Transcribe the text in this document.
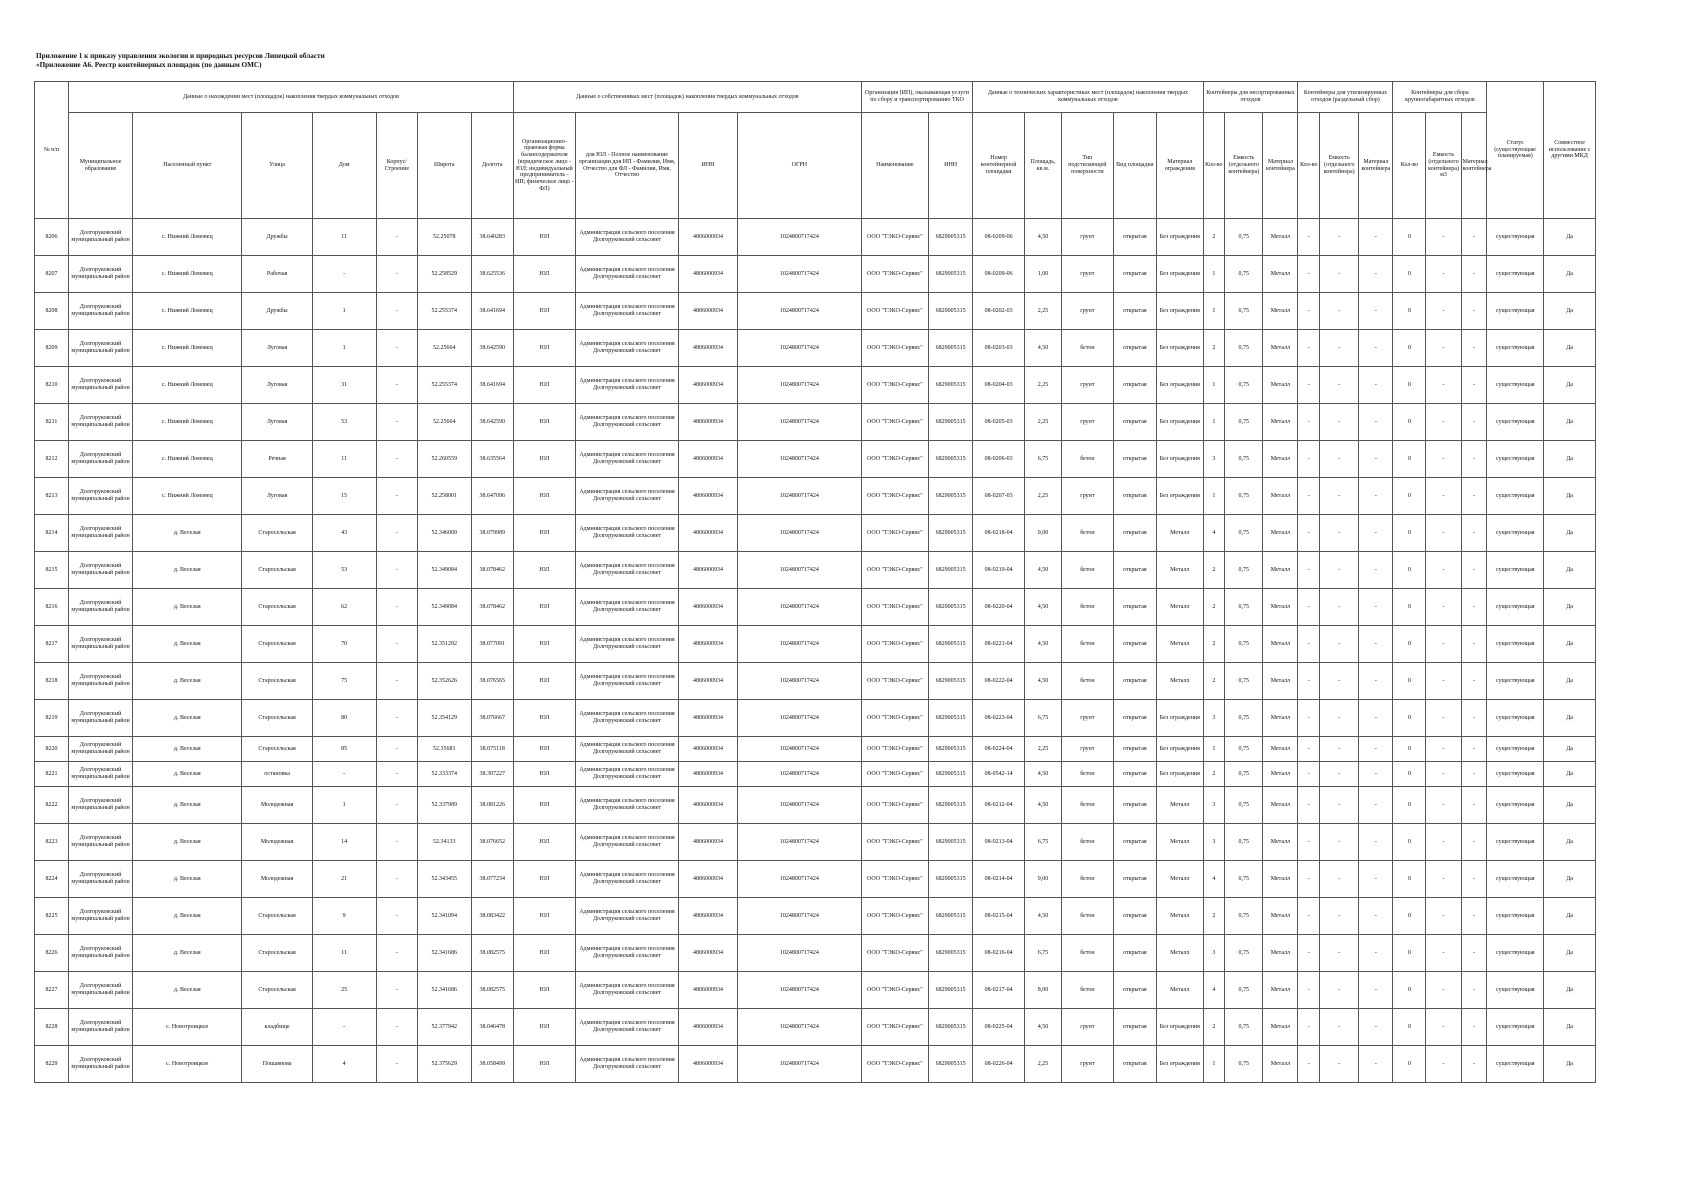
Приложение 1 к приказу управления экологии и природных ресурсов Липецкой области
«Приложение А6. Реестр контейнерных площадок (по данным ОМС)
№ п/п	Данные о нахождении мест (площадок) накопления твердых коммунальных отходов							Данные о собственниках мест (площадок) накопления твердых коммунальных отходов				Организация (ИП), оказывающая услуги по сбору и транспортированию ТКО		Данные о технических характеристиках мест (площадок) накопления твердых коммунальных отходов					Контейнеры для несортированных отходов			Контейнеры для утилизируемых отходов (раздельный сбор)			Контейнеры для сбора крупногабаритных отходов			Статус (существующая/ планируемая)	Совместное использование с другими МКД
	Муниципальное образование	Населенный пункт	Улица	Дом	Корпус/Строение	Широта	Долгота	Организационно-правовая форма балансодержателя (юридическое лицо - ЮЛ; индивидуальный предприниматель - ИП; физическое лицо - ФЛ)	для ЮЛ - Полное наименование организации для ИП - Фамилия, Имя, Отчество для ФЛ - Фамилия, Имя, Отчество	ИНН	ОГРН	Наименование	ИНН	Номер контейнерной площадки	Площадь, кв.м.	Тип подстилающей поверхности	Вид площадки	Материал ограждения	Кол-во	Емкость (отдельного контейнера)	Материал контейнера	Кол-во	Емкость (отдельного контейнера)	Материал контейнера	Кол-во	Емкость (отдельного контейнера) м3	Материал контейнера		
8206	Долгоруковский муниципальный район	с. Нижний Ломовец	Дружбы	11	-	52.25078	38.640283	ЮЛ	Администрация сельского поселения Долгоруковский сельсовет	4806000934	1024800717424	ООО "ТЭКО-Сервис"	6829005315	08-0209-06	4,50	грунт	открытая	Без ограждения	2	0,75	Металл	-	-	-	0	-	-	существующая	Да
8207	Долгоруковский муниципальный район	с. Нижний Ломовец	Рабочая	-	-	52.258529	38.625536	ЮЛ	Администрация сельского поселения Долгоруковский сельсовет	4806000934	1024800717424	ООО "ТЭКО-Сервис"	6829005315	08-0209-06	1,00	грунт	открытая	Без ограждения	1	0,75	Металл	-	-	-	0	-	-	существующая	Да
8208	Долгоруковский муниципальный район	с. Нижний Ломовец	Дружбы	1	-	52.255374	38.641694	ЮЛ	Администрация сельского поселения Долгоруковский сельсовет	4806000934	1024800717424	ООО "ТЭКО-Сервис"	6829005315	08-0202-03	2,25	грунт	открытая	Без ограждения	1	0,75	Металл	-	-	-	0	-	-	существующая	Да
8209	Долгоруковский муниципальный район	с. Нижний Ломовец	Луговая	1	-	52.25664	38.642590	ЮЛ	Администрация сельского поселения Долгоруковский сельсовет	4806000934	1024800717424	ООО "ТЭКО-Сервис"	6829005315	08-0203-03	4,50	бетон	открытая	Без ограждения	2	0,75	Металл	-	-	-	0	-	-	существующая	Да
8210	Долгоруковский муниципальный район	с. Нижний Ломовец	Луговая	31	-	52.255374	38.641694	ЮЛ	Администрация сельского поселения Долгоруковский сельсовет	4806000934	1024800717424	ООО "ТЭКО-Сервис"	6829005315	08-0204-03	2,25	грунт	открытая	Без ограждения	1	0,75	Металл	-	-	-	0	-	-	существующая	Да
8211	Долгоруковский муниципальный район	с. Нижний Ломовец	Луговая	53	-	52.25664	38.642590	ЮЛ	Администрация сельского поселения Долгоруковский сельсовет	4806000934	1024800717424	ООО "ТЭКО-Сервис"	6829005315	08-0205-03	2,25	грунт	открытая	Без ограждения	1	0,75	Металл	-	-	-	0	-	-	существующая	Да
8212	Долгоруковский муниципальный район	с. Нижний Ломовец	Речная	11	-	52.260559	38.635564	ЮЛ	Администрация сельского поселения Долгоруковский сельсовет	4806000934	1024800717424	ООО "ТЭКО-Сервис"	6829005315	08-0206-03	6,75	бетон	открытая	Без ограждения	3	0,75	Металл	-	-	-	0	-	-	существующая	Да
8213	Долгоруковский муниципальный район	с. Нижний Ломовец	Луговая	15	-	52.258001	38.647096	ЮЛ	Администрация сельского поселения Долгоруковский сельсовет	4806000934	1024800717424	ООО "ТЭКО-Сервис"	6829005315	08-0207-03	2,25	грунт	открытая	Без ограждения	1	0,75	Металл	-	-	-	0	-	-	существующая	Да
8214	Долгоруковский муниципальный район	д. Веселая	Старосельская	43	-	52.346009	38.079989	ЮЛ	Администрация сельского поселения Долгоруковский сельсовет	4806000934	1024800717424	ООО "ТЭКО-Сервис"	6829005315	08-0218-04	9,00	бетон	открытая	Металл	4	0,75	Металл	-	-	-	0	-	-	существующая	Да
8215	Долгоруковский муниципальный район	д. Веселая	Старосельская	53	-	52.349084	38.078462	ЮЛ	Администрация сельского поселения Долгоруковский сельсовет	4806000934	1024800717424	ООО "ТЭКО-Сервис"	6829005315	08-0219-04	4,50	бетон	открытая	Металл	2	0,75	Металл	-	-	-	0	-	-	существующая	Да
8216	Долгоруковский муниципальный район	д. Веселая	Старосельская	62	-	52.349084	38.078462	ЮЛ	Администрация сельского поселения Долгоруковский сельсовет	4806000934	1024800717424	ООО "ТЭКО-Сервис"	6829005315	08-0220-04	4,50	бетон	открытая	Металл	2	0,75	Металл	-	-	-	0	-	-	существующая	Да
8217	Долгоруковский муниципальный район	д. Веселая	Старосельская	70	-	52.351292	38.077091	ЮЛ	Администрация сельского поселения Долгоруковский сельсовет	4806000934	1024800717424	ООО "ТЭКО-Сервис"	6829005315	08-0221-04	4,50	бетон	открытая	Металл	2	0,75	Металл	-	-	-	0	-	-	существующая	Да
8218	Долгоруковский муниципальный район	д. Веселая	Старосельская	75	-	52.352626	38.076565	ЮЛ	Администрация сельского поселения Долгоруковский сельсовет	4806000934	1024800717424	ООО "ТЭКО-Сервис"	6829005315	08-0222-04	4,50	бетон	открытая	Металл	2	0,75	Металл	-	-	-	0	-	-	существующая	Да
8219	Долгоруковский муниципальный район	д. Веселая	Старосельская	80	-	52.354129	38.076667	ЮЛ	Администрация сельского поселения Долгоруковский сельсовет	4806000934	1024800717424	ООО "ТЭКО-Сервис"	6829005315	08-0223-04	6,75	грунт	открытая	Без ограждения	3	0,75	Металл	-	-	-	0	-	-	существующая	Да
8220	Долгоруковский муниципальный район	д. Веселая	Старосельская	85	-	52.35681	38.075118	ЮЛ	Администрация сельского поселения Долгоруковский сельсовет	4806000934	1024800717424	ООО "ТЭКО-Сервис"	6829005315	08-0224-04	2,25	грунт	открытая	Без ограждения	1	0,75	Металл	-	-	-	0	-	-	существующая	Да
8221	Долгоруковский муниципальный район	д. Веселая	остановка	-	-	52.333374	38.307227	ЮЛ	Администрация сельского поселения Долгоруковский сельсовет	4806000934	1024800717424	ООО "ТЭКО-Сервис"	6829005315	08-0542-14	4,50	бетон	открытая	Без ограждения	2	0,75	Металл	-	-	-	0	-	-	существующая	Да
8222	Долгоруковский муниципальный район	д. Веселая	Молодежная	1	-	52.337989	38.081226	ЮЛ	Администрация сельского поселения Долгоруковский сельсовет	4806000934	1024800717424	ООО "ТЭКО-Сервис"	6829005315	08-0212-04	4,50	бетон	открытая	Металл	3	0,75	Металл	-	-	-	0	-	-	существующая	Да
8223	Долгоруковский муниципальный район	д. Веселая	Молодежная	14	-	52.34133	38.076652	ЮЛ	Администрация сельского поселения Долгоруковский сельсовет	4806000934	1024800717424	ООО "ТЭКО-Сервис"	6829005315	08-0213-04	6,75	бетон	открытая	Металл	3	0,75	Металл	-	-	-	0	-	-	существующая	Да
8224	Долгоруковский муниципальный район	д. Веселая	Молодежная	21	-	52.343455	38.077234	ЮЛ	Администрация сельского поселения Долгоруковский сельсовет	4806000934	1024800717424	ООО "ТЭКО-Сервис"	6829005315	08-0214-04	9,00	бетон	открытая	Металл	4	0,75	Металл	-	-	-	0	-	-	существующая	Да
8225	Долгоруковский муниципальный район	д. Веселая	Старосельская	9	-	52.341094	38.083422	ЮЛ	Администрация сельского поселения Долгоруковский сельсовет	4806000934	1024800717424	ООО "ТЭКО-Сервис"	6829005315	08-0215-04	4,50	бетон	открытая	Металл	2	0,75	Металл	-	-	-	0	-	-	существующая	Да
8226	Долгоруковский муниципальный район	д. Веселая	Старосельская	11	-	52.341686	38.082575	ЮЛ	Администрация сельского поселения Долгоруковский сельсовет	4806000934	1024800717424	ООО "ТЭКО-Сервис"	6829005315	08-0216-04	6,75	бетон	открытая	Металл	3	0,75	Металл	-	-	-	0	-	-	существующая	Да
8227	Долгоруковский муниципальный район	д. Веселая	Старосельская	25	-	52.341686	38.082575	ЮЛ	Администрация сельского поселения Долгоруковский сельсовет	4806000934	1024800717424	ООО "ТЭКО-Сервис"	6829005315	08-0217-04	8,00	бетон	открытая	Металл	4	0,75	Металл	-	-	-	0	-	-	существующая	Да
8228	Долгоруковский муниципальный район	с. Новотроицкое	кладбище	-	-	52.377942	38.046478	ЮЛ	Администрация сельского поселения Долгоруковский сельсовет	4806000934	1024800717424	ООО "ТЭКО-Сервис"	6829005315	08-0225-04	4,50	грунт	открытая	Без ограждения	2	0,75	Металл	-	-	-	0	-	-	существующая	Да
8229	Долгоруковский муниципальный район	с. Новотроицкое	Пошаянова	4	-	52.375629	38.058499	ЮЛ	Администрация сельского поселения Долгоруковский сельсовет	4806000934	1024800717424	ООО "ТЭКО-Сервис"	6829005315	08-0226-04	2,25	грунт	открытая	Без ограждения	1	0,75	Металл	-	-	-	0	-	-	существующая	Да
